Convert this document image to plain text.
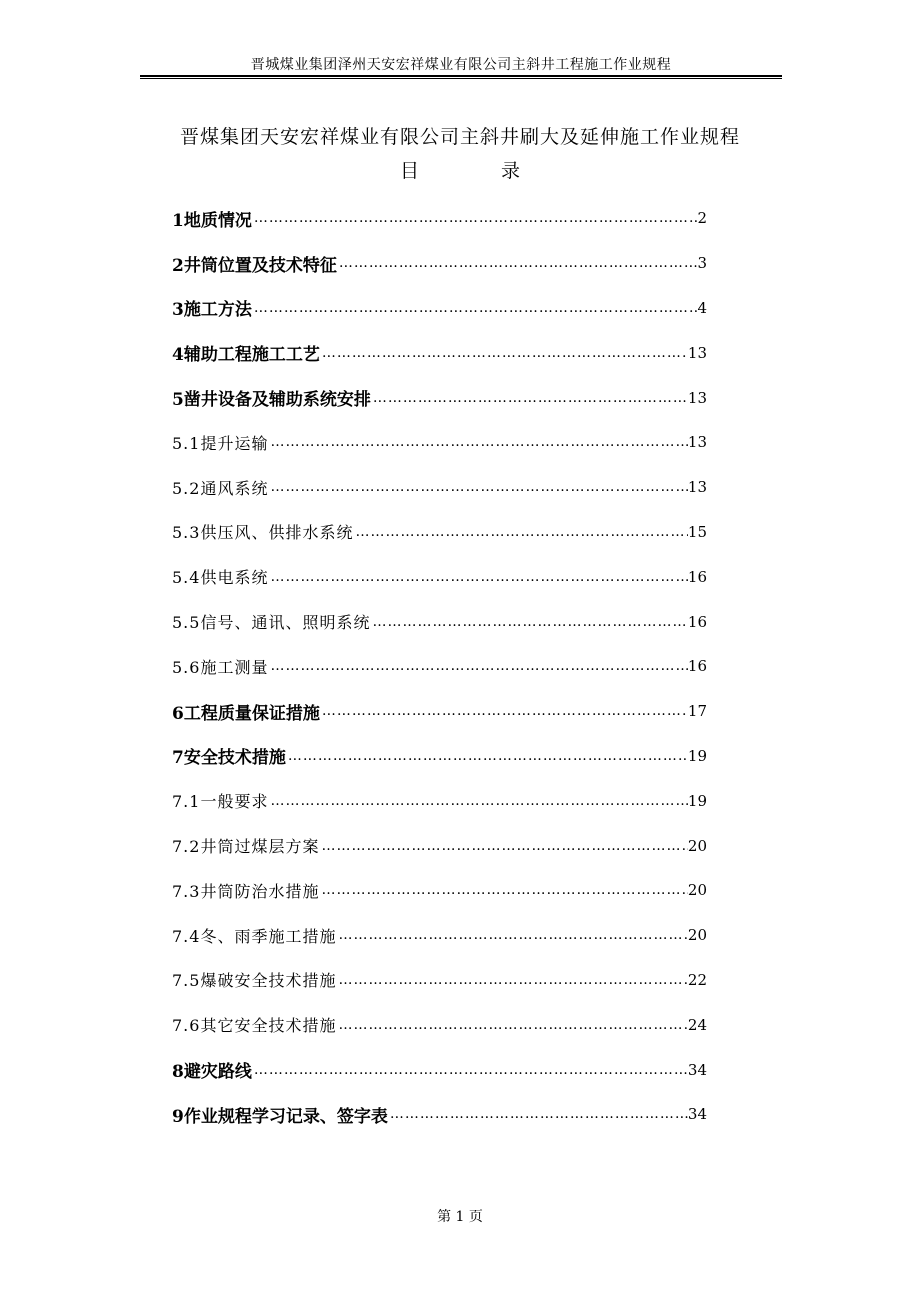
晋城煤业集团泽州天安宏祥煤业有限公司主斜井工程施工作业规程
晋煤集团天安宏祥煤业有限公司主斜井刷大及延伸施工作业规程
目	录
1地质情况 …………………………………………………………………………………………………………………………………………………	2
2井筒位置及技术特征 …………………………………………………………………………………………………………………………………………………	3
3施工方法 …………………………………………………………………………………………………………………………………………………	4
4辅助工程施工工艺 …………………………………………………………………………………………………………………………………………………	13
5凿井设备及辅助系统安排 …………………………………………………………………………………………………………………………………………………	13
5.1提升运输 …………………………………………………………………………………………………………………………………………………	13
5.2通风系统 …………………………………………………………………………………………………………………………………………………	13
5.3供压风、供排水系统 …………………………………………………………………………………………………………………………………………………	15
5.4供电系统 …………………………………………………………………………………………………………………………………………………	16
5.5信号、通讯、照明系统 …………………………………………………………………………………………………………………………………………………	16
5.6施工测量 …………………………………………………………………………………………………………………………………………………	16
6工程质量保证措施 …………………………………………………………………………………………………………………………………………………	17
7安全技术措施 …………………………………………………………………………………………………………………………………………………	19
7.1一般要求 …………………………………………………………………………………………………………………………………………………	19
7.2井筒过煤层方案 …………………………………………………………………………………………………………………………………………………	20
7.3井筒防治水措施 …………………………………………………………………………………………………………………………………………………	20
7.4冬、雨季施工措施 …………………………………………………………………………………………………………………………………………………	20
7.5爆破安全技术措施 …………………………………………………………………………………………………………………………………………………	22
7.6其它安全技术措施 …………………………………………………………………………………………………………………………………………………	24
8避灾路线 …………………………………………………………………………………………………………………………………………………	34
9作业规程学习记录、签字表 …………………………………………………………………………………………………………………………………………………	34
第 1 页
